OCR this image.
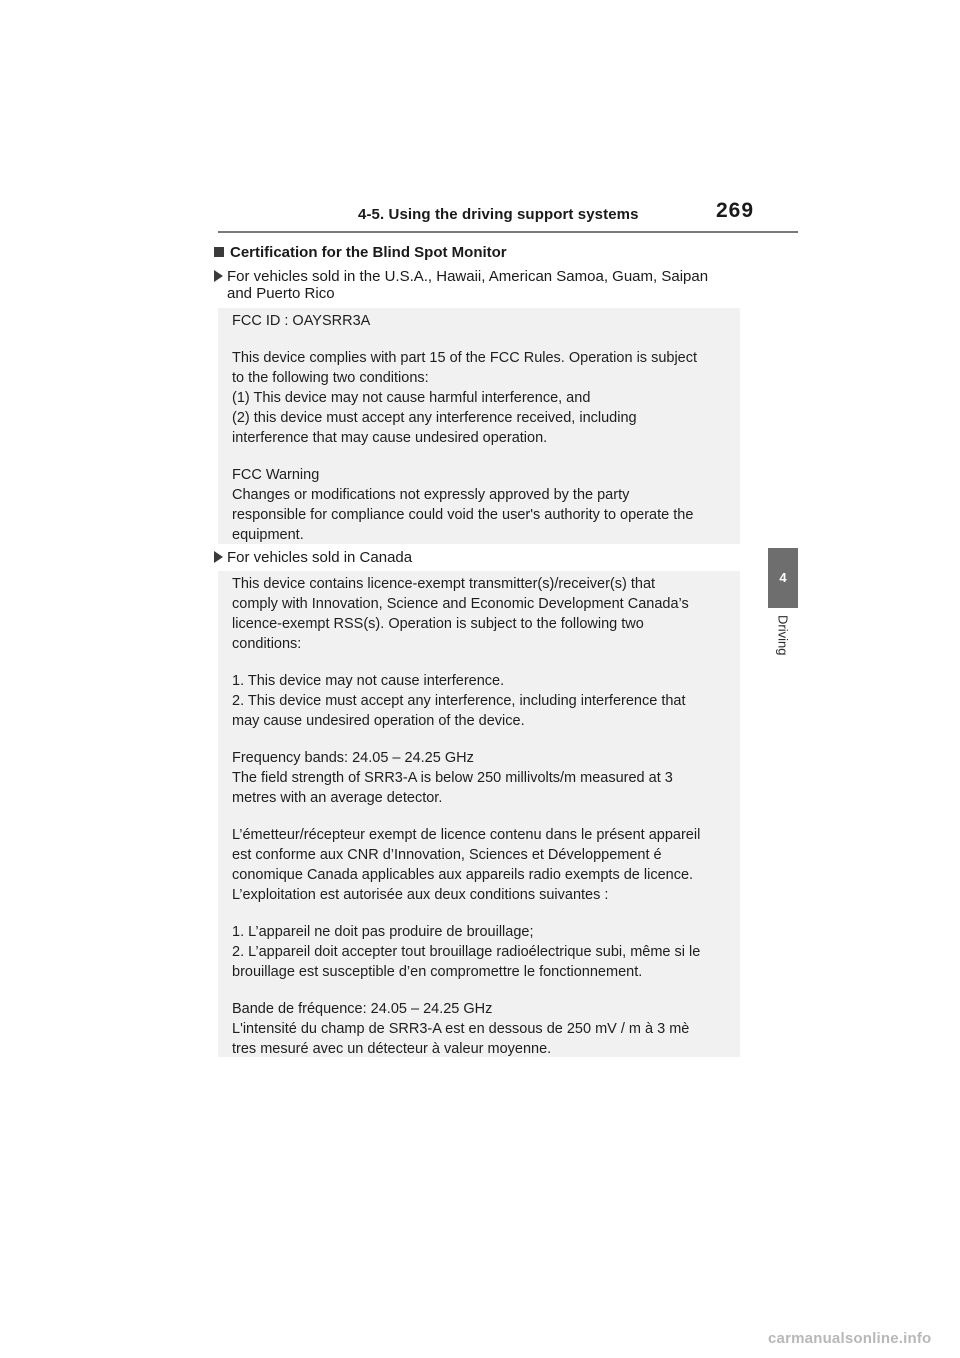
4-5. Using the driving support systems	269
4
Driving
Certification for the Blind Spot Monitor
For vehicles sold in the U.S.A., Hawaii, American Samoa, Guam, Saipan
and Puerto Rico

FCC ID : OAYSRR3A

This device complies with part 15 of the FCC Rules. Operation is subject

to the following two conditions:

(1) This device may not cause harmful interference, and

(2) this device must accept any interference received, including

interference that may cause undesired operation.

FCC Warning

Changes or modifications not expressly approved by the party

responsible for compliance could void the user's authority to operate the

equipment.

For vehicles sold in Canada

This device contains licence-exempt transmitter(s)/receiver(s) that

comply with Innovation, Science and Economic Development Canada’s

licence-exempt RSS(s). Operation is subject to the following two

conditions:

1. This device may not cause interference.

2. This device must accept any interference, including interference that

may cause undesired operation of the device.

Frequency bands: 24.05 – 24.25 GHz

The field strength of SRR3-A is below 250 millivolts/m measured at 3

metres with an average detector.

L’émetteur/récepteur exempt de licence contenu dans le présent appareil

est conforme aux CNR d’Innovation, Sciences et Développement é

conomique Canada applicables aux appareils radio exempts de licence.

L’exploitation est autorisée aux deux conditions suivantes :

1. L’appareil ne doit pas produire de brouillage;

2. L’appareil doit accepter tout brouillage radioélectrique subi, même si le

brouillage est susceptible d’en compromettre le fonctionnement.

Bande de fréquence: 24.05 – 24.25 GHz

L'intensité du champ de SRR3-A est en dessous de 250 mV / m à 3 mè

tres mesuré avec un détecteur à valeur moyenne.

carmanualsonline.info
